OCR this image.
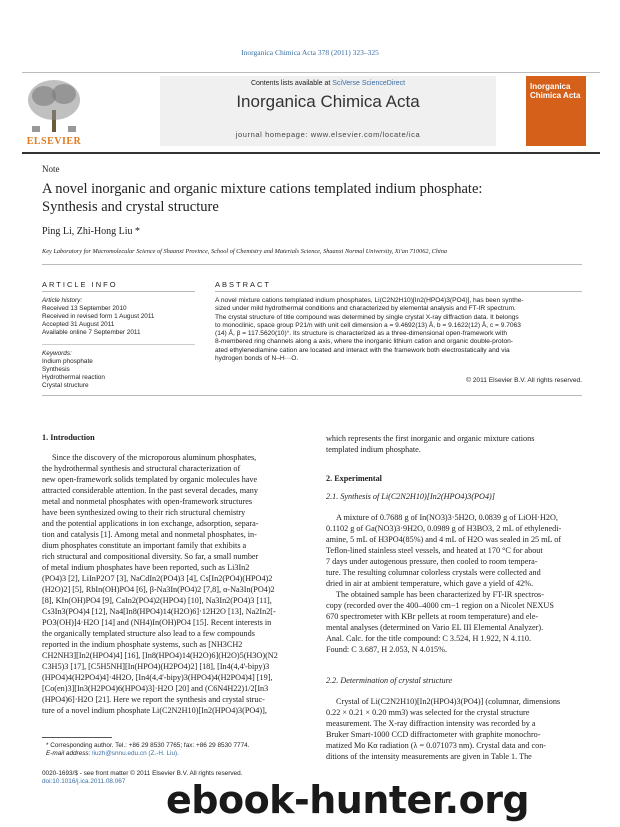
Inorganica Chimica Acta 378 (2011) 323–325
ELSEVIER
Contents lists available at SciVerse ScienceDirect
Inorganica Chimica Acta
journal homepage: www.elsevier.com/locate/ica
Inorganica Chimica Acta
Note
A novel inorganic and organic mixture cations templated indium phosphate:
Synthesis and crystal structure
Ping Li, Zhi-Hong Liu *
Key Laboratory for Macromolecular Science of Shaanxi Province, School of Chemistry and Materials Science, Shaanxi Normal University, Xi'an 710062, China
ARTICLE INFO
Article history:
Received 13 September 2010
Received in revised form 1 August 2011
Accepted 31 August 2011
Available online 7 September 2011
Keywords:
Indium phosphate
Synthesis
Hydrothermal reaction
Crystal structure
ABSTRACT
A novel mixture cations templated indium phosphates, Li(C2N2H10)[In2(HPO4)3(PO4)], has been synthe-
sized under mild hydrothermal conditions and characterized by elemental analysis and FT-IR spectrum.
The crystal structure of title compound was determined by single crystal X-ray diffraction data. It belongs
to monoclinic, space group P21/n with unit cell dimension a = 9.4692(13) Å, b = 9.1622(12) Å, c = 9.7063
(14) Å, β = 117.5620(10)°. Its structure is characterized as a three-dimensional open-framework with
8-membered ring channels along a axis, where the inorganic lithium cation and organic double-proton-
ated ethylenediamine cation are located and interact with the framework both electrostatically and via
hydrogen bonds of N–H···O.
© 2011 Elsevier B.V. All rights reserved.
1. Introduction
Since the discovery of the microporous aluminum phosphates,
the hydrothermal synthesis and structural characterization of
new open-framework solids templated by organic molecules have
attracted considerable attention. In the past several decades, many
metal and nonmetal phosphates with open-framework structures
have been synthesized owing to their rich structural chemistry
and the potential applications in ion exchange, adsorption, separa-
tion and catalysis [1]. Among metal and nonmetal phosphates, in-
dium phosphates constitute an important family that exhibits a
rich structural and compositional diversity. So far, a small number
of metal indium phosphates have been reported, such as Li3In2
(PO4)3 [2], LiInP2O7 [3], NaCdIn2(PO4)3 [4], Cs[In2(PO4)(HPO4)2
(H2O)2] [5], RbIn(OH)PO4 [6], β-Na3In(PO4)2 [7,8], α-Na3In(PO4)2
[8], KIn(OH)PO4 [9], CaIn2(PO4)2(HPO4) [10], Na3In2(PO4)3 [11],
Cs3In3(PO4)4 [12], Na4[In8(HPO4)14(H2O)6]·12H2O [13], Na2In2[-
PO3(OH)]4·H2O [14] and (NH4)In(OH)PO4 [15]. Recent interests in
the organically templated structure also lead to a few compounds
reported in the indium phosphate systems, such as [NH3CH2
CH2NH3][In2(HPO4)4] [16], [In8(HPO4)14(H2O)6](H2O)5(H3O)(N2
C3H5)3 [17], [C5H5NH][In(HPO4)(H2PO4)2] [18], [In4(4,4'-bipy)3
(HPO4)4(H2PO4)4]·4H2O, [In4(4,4'-bipy)3(HPO4)4(H2PO4)4] [19],
[Co(en)3][In3(H2PO4)6(HPO4)3]·H2O [20] and (C6N4H22)1/2[In3
(HPO4)6]·H2O [21]. Here we report the synthesis and crystal struc-
ture of a novel indium phosphate Li(C2N2H10)[In2(HPO4)3(PO4)],
which represents the first inorganic and organic mixture cations
templated indium phosphate.
2. Experimental
2.1. Synthesis of Li(C2N2H10)[In2(HPO4)3(PO4)]
A mixture of 0.7688 g of In(NO3)3·5H2O, 0.0839 g of LiOH·H2O,
0.1102 g of Ga(NO3)3·9H2O, 0.0989 g of H3BO3, 2 mL of ethylenedi-
amine, 5 mL of H3PO4(85%) and 4 mL of H2O was sealed in 25 mL of
Teflon-lined stainless steel vessels, and heated at 170 °C for about
7 days under autogenous pressure, then cooled to room tempera-
ture. The resulting columnar colorless crystals were collected and
dried in air at ambient temperature, which gave a yield of 42%.
The obtained sample has been characterized by FT-IR spectros-
copy (recorded over the 400–4000 cm−1 region on a Nicolet NEXUS
670 spectrometer with KBr pellets at room temperature) and ele-
mental analyses (determined on Vario EL III Elemental Analyzer).
Anal. Calc. for the title compound: C 3.524, H 1.922, N 4.110.
Found: C 3.687, H 2.053, N 4.015%.
2.2. Determination of crystal structure
Crystal of Li(C2N2H10)[In2(HPO4)3(PO4)] (columnar, dimensions
0.22 × 0.21 × 0.20 mm3) was selected for the crystal structure
measurement. The X-ray diffraction intensity was recorded by a
Bruker Smart-1000 CCD diffractometer with graphite monochro-
matized Mo Kα radiation (λ = 0.071073 nm). Crystal data and con-
ditions of the intensity measurements are given in Table 1. The
* Corresponding author. Tel.: +86 29 8530 7765; fax: +86 29 8530 7774.
E-mail address: liuzh@snnu.edu.cn (Z.-H. Liu).
0020-1693/$ - see front matter © 2011 Elsevier B.V. All rights reserved.
doi:10.1016/j.ica.2011.08.067	ebook-hunter.org
